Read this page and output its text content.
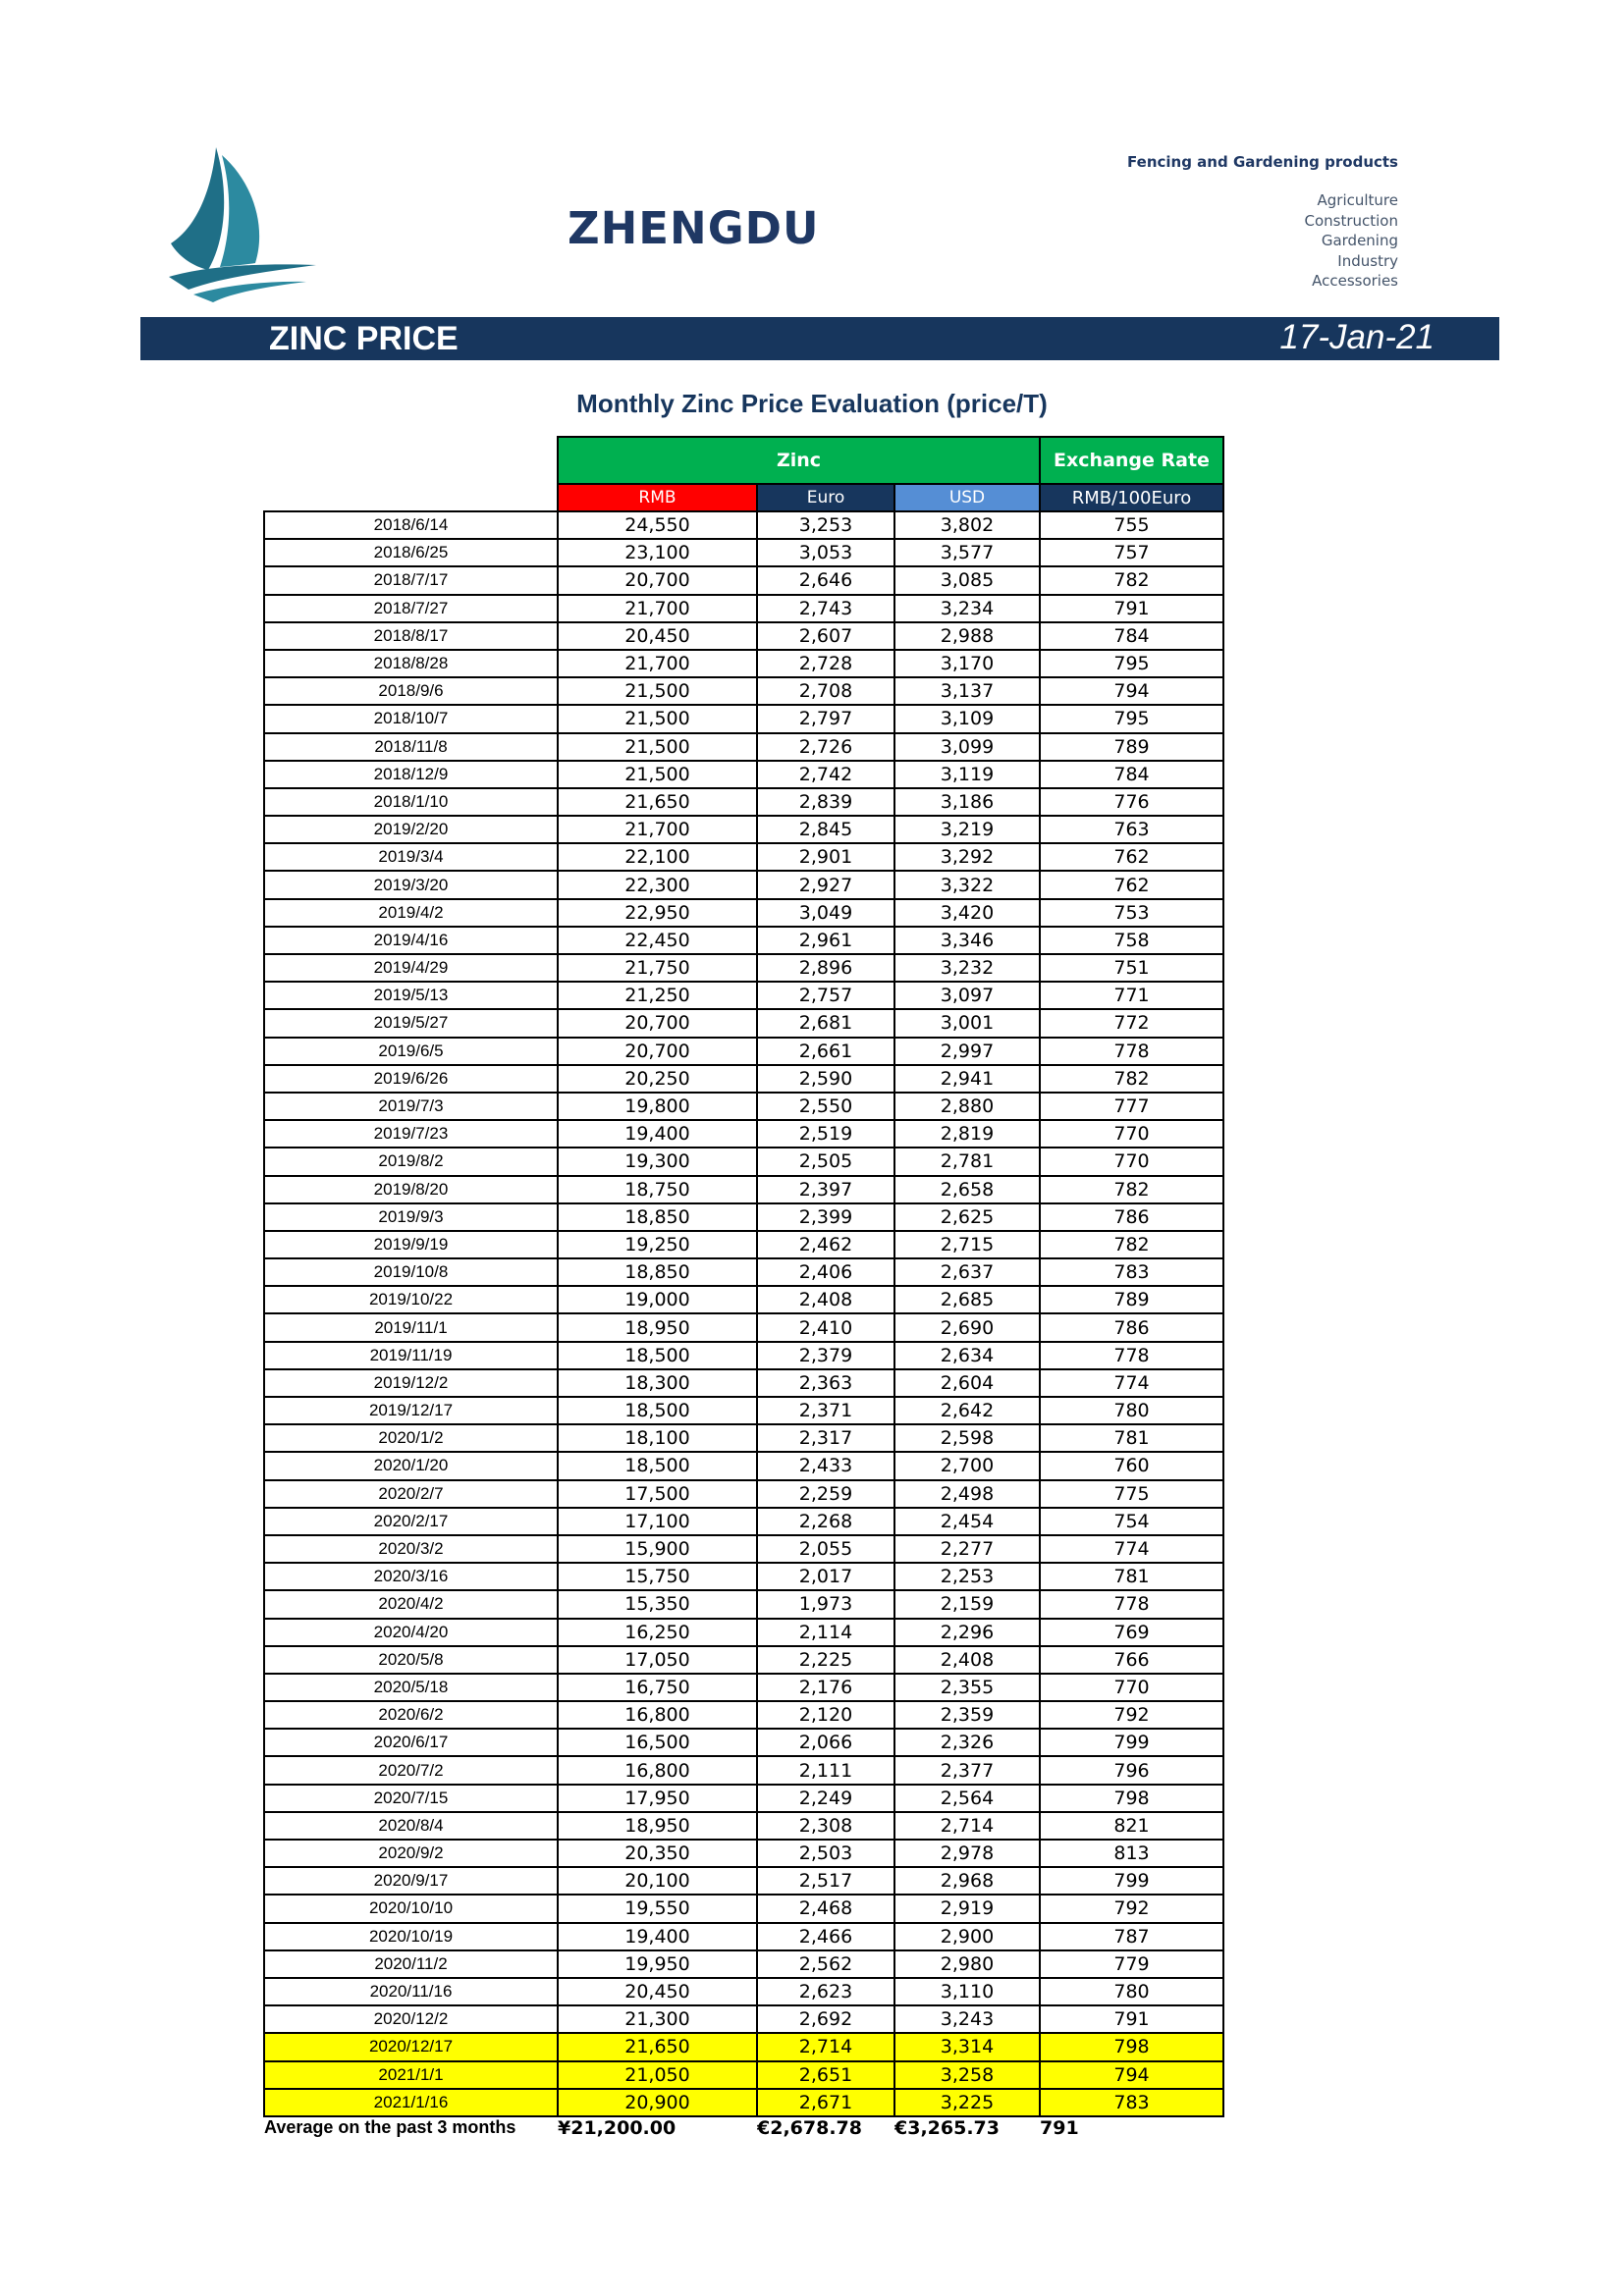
ZHENGDU
Fencing and Gardening products
Agriculture
Construction
Gardening
Industry
Accessories
ZINC PRICE	17-Jan-21
Monthly Zinc Price Evaluation (price/T)
	Zinc			Exchange Rate
	RMB	Euro	USD	RMB/100Euro
2018/6/14	24,550	3,253	3,802	755
2018/6/25	23,100	3,053	3,577	757
2018/7/17	20,700	2,646	3,085	782
2018/7/27	21,700	2,743	3,234	791
2018/8/17	20,450	2,607	2,988	784
2018/8/28	21,700	2,728	3,170	795
2018/9/6	21,500	2,708	3,137	794
2018/10/7	21,500	2,797	3,109	795
2018/11/8	21,500	2,726	3,099	789
2018/12/9	21,500	2,742	3,119	784
2018/1/10	21,650	2,839	3,186	776
2019/2/20	21,700	2,845	3,219	763
2019/3/4	22,100	2,901	3,292	762
2019/3/20	22,300	2,927	3,322	762
2019/4/2	22,950	3,049	3,420	753
2019/4/16	22,450	2,961	3,346	758
2019/4/29	21,750	2,896	3,232	751
2019/5/13	21,250	2,757	3,097	771
2019/5/27	20,700	2,681	3,001	772
2019/6/5	20,700	2,661	2,997	778
2019/6/26	20,250	2,590	2,941	782
2019/7/3	19,800	2,550	2,880	777
2019/7/23	19,400	2,519	2,819	770
2019/8/2	19,300	2,505	2,781	770
2019/8/20	18,750	2,397	2,658	782
2019/9/3	18,850	2,399	2,625	786
2019/9/19	19,250	2,462	2,715	782
2019/10/8	18,850	2,406	2,637	783
2019/10/22	19,000	2,408	2,685	789
2019/11/1	18,950	2,410	2,690	786
2019/11/19	18,500	2,379	2,634	778
2019/12/2	18,300	2,363	2,604	774
2019/12/17	18,500	2,371	2,642	780
2020/1/2	18,100	2,317	2,598	781
2020/1/20	18,500	2,433	2,700	760
2020/2/7	17,500	2,259	2,498	775
2020/2/17	17,100	2,268	2,454	754
2020/3/2	15,900	2,055	2,277	774
2020/3/16	15,750	2,017	2,253	781
2020/4/2	15,350	1,973	2,159	778
2020/4/20	16,250	2,114	2,296	769
2020/5/8	17,050	2,225	2,408	766
2020/5/18	16,750	2,176	2,355	770
2020/6/2	16,800	2,120	2,359	792
2020/6/17	16,500	2,066	2,326	799
2020/7/2	16,800	2,111	2,377	796
2020/7/15	17,950	2,249	2,564	798
2020/8/4	18,950	2,308	2,714	821
2020/9/2	20,350	2,503	2,978	813
2020/9/17	20,100	2,517	2,968	799
2020/10/10	19,550	2,468	2,919	792
2020/10/19	19,400	2,466	2,900	787
2020/11/2	19,950	2,562	2,980	779
2020/11/16	20,450	2,623	3,110	780
2020/12/2	21,300	2,692	3,243	791
2020/12/17	21,650	2,714	3,314	798
2021/1/1	21,050	2,651	3,258	794
2021/1/16	20,900	2,671	3,225	783
Average on the past 3 months	¥21,200.00	€2,678.78	€3,265.73	791
